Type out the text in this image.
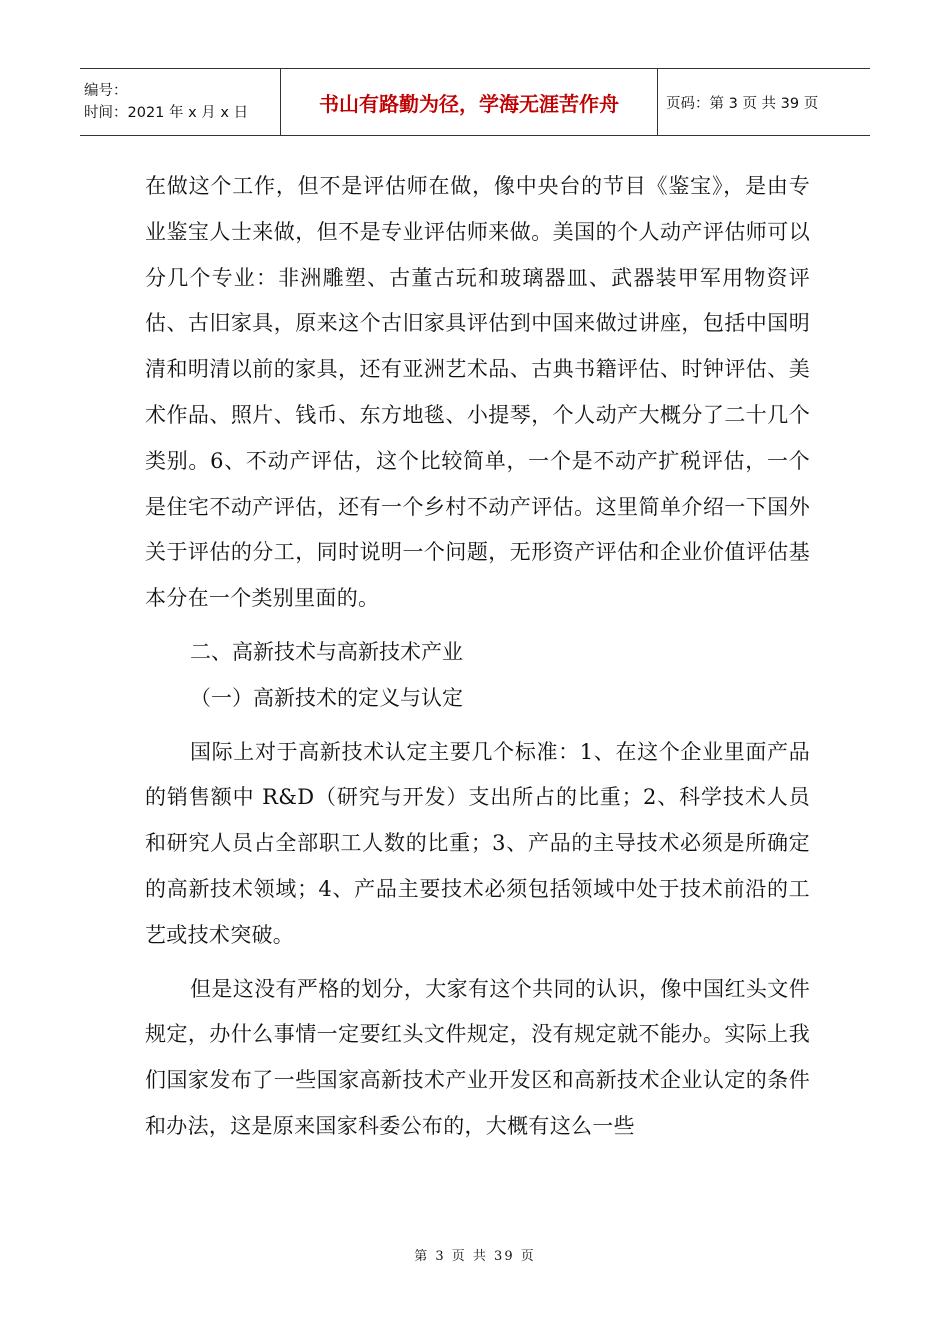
编号：
时间：2021 年 x 月 x 日	书山有路勤为径，学海无涯苦作舟	页码：第 3 页 共 39 页

在做这个工作，但不是评估师在做，像中央台的节目《鉴宝》，是由专业鉴宝人士来做，但不是专业评估师来做。美国的个人动产评估师可以分几个专业：非洲雕塑、古董古玩和玻璃器皿、武器装甲军用物资评估、古旧家具，原来这个古旧家具评估到中国来做过讲座，包括中国明清和明清以前的家具，还有亚洲艺术品、古典书籍评估、时钟评估、美术作品、照片、钱币、东方地毯、小提琴，个人动产大概分了二十几个类别。6、不动产评估，这个比较简单，一个是不动产扩税评估，一个是住宅不动产评估，还有一个乡村不动产评估。这里简单介绍一下国外关于评估的分工，同时说明一个问题，无形资产评估和企业价值评估基本分在一个类别里面的。

二、高新技术与高新技术产业

（一）高新技术的定义与认定

国际上对于高新技术认定主要几个标准：1、在这个企业里面产品的销售额中 R&D（研究与开发）支出所占的比重；2、科学技术人员和研究人员占全部职工人数的比重；3、产品的主导技术必须是所确定的高新技术领域；4、产品主要技术必须包括领域中处于技术前沿的工艺或技术突破。

但是这没有严格的划分，大家有这个共同的认识，像中国红头文件规定，办什么事情一定要红头文件规定，没有规定就不能办。实际上我们国家发布了一些国家高新技术产业开发区和高新技术企业认定的条件和办法，这是原来国家科委公布的，大概有这么一些

第 3 页 共 39 页
